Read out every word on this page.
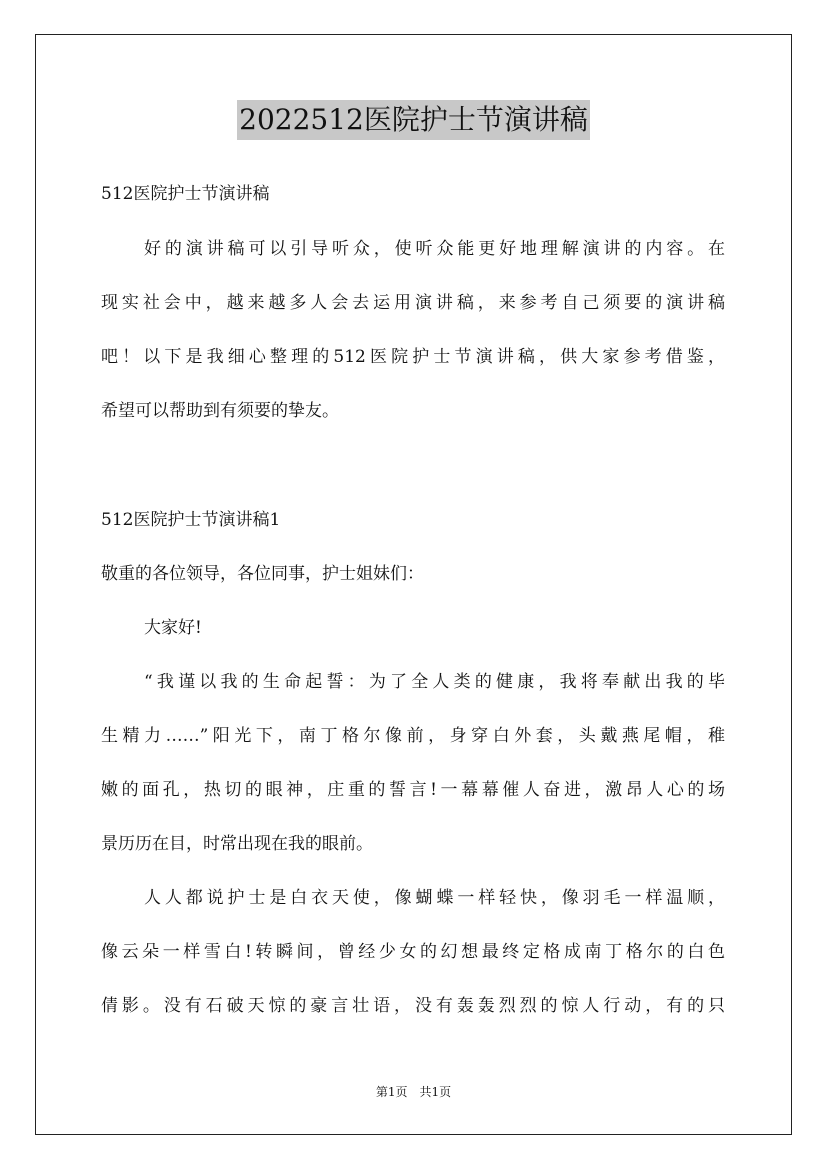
2022512医院护士节演讲稿
512医院护士节演讲稿
好的演讲稿可以引导听众，使听众能更好地理解演讲的内容。在
现实社会中，越来越多人会去运用演讲稿，来参考自己须要的演讲稿
吧！以下是我细心整理的512医院护士节演讲稿，供大家参考借鉴，
希望可以帮助到有须要的挚友。
512医院护士节演讲稿1
敬重的各位领导，各位同事，护士姐妹们：
大家好!
“我谨以我的生命起誓：为了全人类的健康，我将奉献出我的毕
生精力……”阳光下，南丁格尔像前，身穿白外套，头戴燕尾帽，稚
嫩的面孔，热切的眼神，庄重的誓言!一幕幕催人奋进，激昂人心的场
景历历在目，时常出现在我的眼前。
人人都说护士是白衣天使，像蝴蝶一样轻快，像羽毛一样温顺，
像云朵一样雪白!转瞬间，曾经少女的幻想最终定格成南丁格尔的白色
倩影。没有石破天惊的豪言壮语，没有轰轰烈烈的惊人行动，有的只
第1页　共1页
